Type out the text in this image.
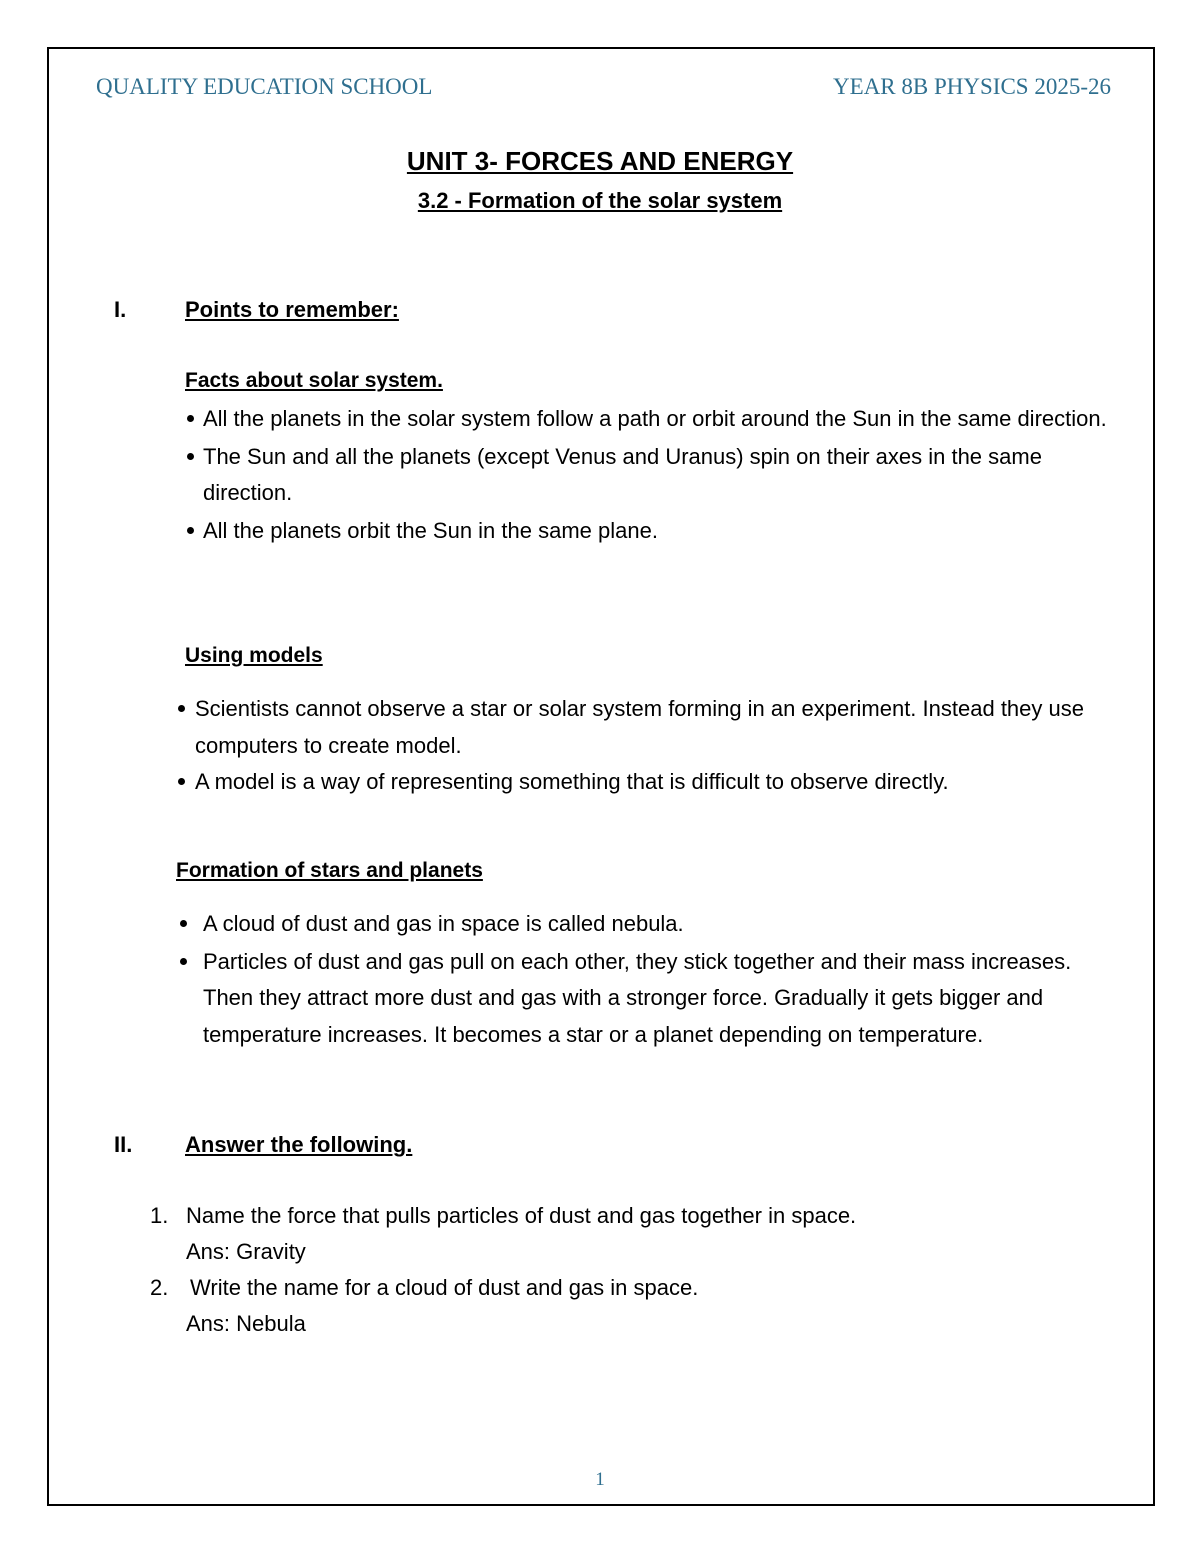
QUALITY EDUCATION SCHOOL	YEAR 8B PHYSICS 2025-26
UNIT 3- FORCES AND ENERGY
3.2 - Formation of the solar system
I.	Points to remember:
Facts about solar system.
All the planets in the solar system follow a path or orbit around the Sun in the same direction.
The Sun and all the planets (except Venus and Uranus) spin on their axes in the same direction.
All the planets orbit the Sun in the same plane.
Using models
Scientists cannot observe a star or solar system forming in an experiment. Instead they use computers to create model.
A model is a way of representing something that is difficult to observe directly.
Formation of stars and planets
A cloud of dust and gas in space is called nebula.
Particles of dust and gas pull on each other, they stick together and their mass increases. Then they attract more dust and gas with a stronger force. Gradually it gets bigger and temperature increases. It becomes a star or a planet depending on temperature.
II. Answer the following.
1. Name the force that pulls particles of dust and gas together in space.
Ans: Gravity
2. Write the name for a cloud of dust and gas in space.
Ans: Nebula
1
